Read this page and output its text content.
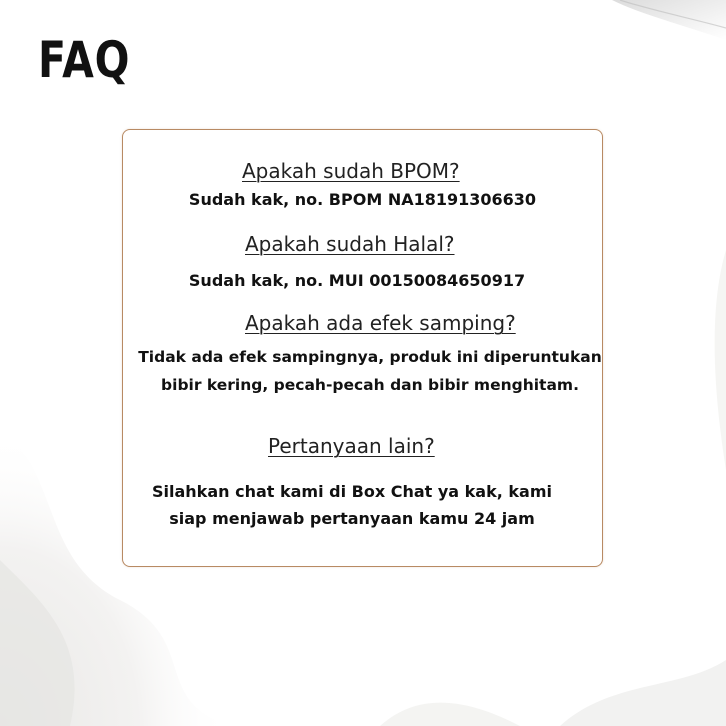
FAQ
Apakah sudah BPOM?
Sudah kak, no. BPOM NA18191306630
Apakah sudah Halal?
Sudah kak, no. MUI 00150084650917
Apakah ada efek samping?
Tidak ada efek sampingnya, produk ini diperuntukan
bibir kering, pecah-pecah dan bibir menghitam.
Pertanyaan lain?
Silahkan chat kami di Box Chat ya kak, kami
siap menjawab pertanyaan kamu 24 jam
